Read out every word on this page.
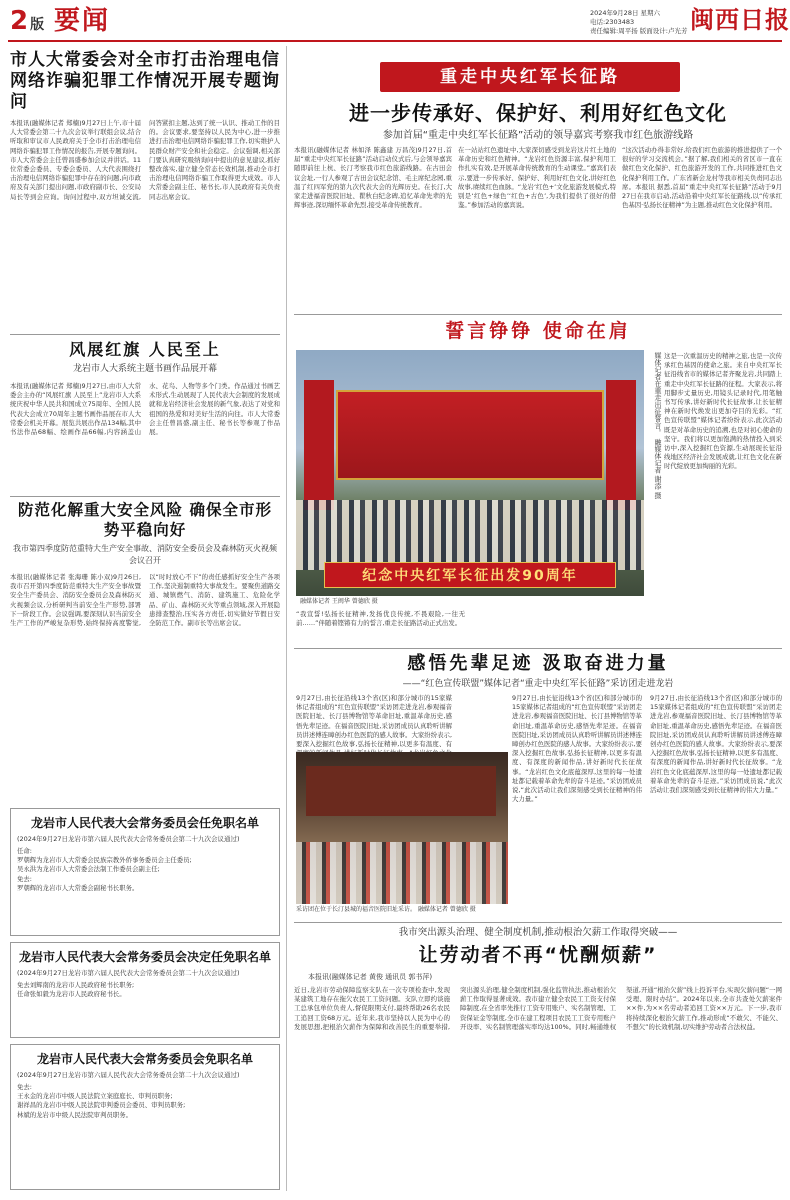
2 版 要闻	2024年9月28日 星期六
电话:2303483
责任编辑:周平扬 版面设计:卢光芳 闽西日报
市人大常委会对全市打击治理电信网络诈骗犯罪工作情况开展专题询问
本报讯(融媒体记者 郑楠)9月27日上午,市十届人大常委会第二十九次会议举行联组会议,结合听取和审议市人民政府关于全市打击治理电信网络诈骗犯罪工作情况的报告,开展专题询问。市人大常委会主任曾昌盛参加会议并讲话。11位常委会委员、专委会委员、人大代表围绕打击治理电信网络诈骗犯罪中存在的问题,向市政府及有关部门提出问题,市政府副市长、公安局局长等到会应询。询问过程中,双方坦诚交流,问答紧扣主题,达到了统一认识、推动工作的目的。会议要求,要坚持以人民为中心,进一步推进打击治理电信网络诈骗犯罪工作,切实维护人民群众财产安全和社会稳定。会议强调,相关部门要认真研究吸纳询问中提出的意见建议,抓好整改落实,建立健全常态长效机制,推动全市打击治理电信网络诈骗工作取得更大成效。市人大常委会副主任、秘书长,市人民政府有关负责同志出席会议。
风展红旗 人民至上
龙岩市人大系统主题书画作品展开幕
本报讯(融媒体记者 郑楠)9月27日,由市人大常委会主办的“风展红旗 人民至上”龙岩市人大系统庆祝中华人民共和国成立75周年、全国人民代表大会成立70周年主题书画作品展在市人大常委会机关开幕。展览共展出作品134幅,其中书法作品68幅、绘画作品66幅,内容涵盖山水、花鸟、人物等多个门类。作品通过书画艺术形式,生动展现了人民代表大会制度的发展成就和龙岩经济社会发展的新气象,表达了对党和祖国的热爱和对美好生活的向往。市人大常委会主任曾昌盛,副主任、秘书长等参观了作品展。
防范化解重大安全风险 确保全市形势平稳向好
我市第四季度防范重特大生产安全事故、消防安全委员会及森林防灭火视频会议召开
本报讯(融媒体记者 张海珊 陈小双)9月26日,我市召开第四季度防范重特大生产安全事故暨安全生产委员会、消防安全委员会及森林防灭火视频会议,分析研判当前安全生产形势,部署下一阶段工作。会议强调,要深刻认识当前安全生产工作的严峻复杂形势,始终保持高度警觉,以“时时放心不下”的责任感抓好安全生产各项工作,坚决遏制重特大事故发生。要聚焦道路交通、城镇燃气、消防、建筑施工、危险化学品、矿山、森林防灭火等重点领域,深入开展隐患排查整治,压实各方责任,切实做好节假日安全防范工作。副市长等出席会议。
龙岩市人民代表大会常务委员会任免职名单
(2024年9月27日龙岩市第六届人民代表大会常务委员会第二十九次会议通过)
任命:
罗朝辉为龙岩市人大常委会民族宗教外侨事务委员会主任委员;
吴永洪为龙岩市人大常委会法制工作委员会副主任;
免去:
罗朝辉的龙岩市人大常委会副秘书长职务。
龙岩市人民代表大会常务委员会决定任免职名单
(2024年9月27日龙岩市第六届人民代表大会常务委员会第二十九次会议通过)
免去刘辉南的龙岩市人民政府秘书长职务;
任命张如毅为龙岩市人民政府秘书长。
龙岩市人民代表大会常务委员会免职名单
(2024年9月27日龙岩市第六届人民代表大会常务委员会第二十九次会议通过)
免去:
王永金的龙岩市中级人民法院立案庭庭长、审判员职务;
谢祥昌的龙岩市中级人民法院审判委员会委员、审判员职务;
林斌的龙岩市中级人民法院审判员职务。
重走中央红军长征路
进一步传承好、保护好、利用好红色文化
参加首届“重走中央红军长征路”活动的领导嘉宾考察我市红色旅游线路
本报讯(融媒体记者 林如泽 陈鑫建 万昌茂)9月27日,首届“重走中央红军长征路”活动启动仪式后,与会领导嘉宾随即前往上杭、长汀考察我市红色旅游线路。在古田会议会址,一行人参观了古田会议纪念馆、毛主席纪念园,重温了红四军党的第九次代表大会的光辉历史。在长汀,大家走进福音医院旧址、瞿秋白纪念碑,追忆革命先辈的光辉事迹,深切缅怀革命先烈,接受革命传统教育。
在一站站红色遗址中,大家深切感受到龙岩这片红土地的革命历史和红色精神。“龙岩红色资源丰富,保护利用工作扎实有效,是开展革命传统教育的生动课堂。”嘉宾们表示,要进一步传承好、保护好、利用好红色文化,讲好红色故事,赓续红色血脉。“龙岩‘红色+’文化旅游发展模式,特别是‘红色+绿色’‘红色+古色’,为我们提供了很好的借鉴。”参加活动的嘉宾说。
“这次活动办得非常好,给我们红色旅游的推进提供了一个很好的学习交流机会。”据了解,我们相关的省区市一直在做红色文化保护、红色旅游开发的工作,共同推进红色文化保护利用工作。广东省新会龙村等我市相关负责同志出席。本报讯 据悉,首届“重走中央红军长征路”活动于9月27日在我市启动,活动沿着中央红军长征路线,以“传承红色基因·弘扬长征精神”为主题,推动红色文化保护利用。
誓言铮铮 使命在肩
纪念中央红军长征出发90周年
融媒体记者 王闽华 曾德欣 摄
媒体记者在重走出征誓言。 融媒体记者 谢添 摄
“我宣誓!弘扬长征精神,发扬优良传统,不畏艰险,一往无前……”伴随着铿锵有力的誓言,重走长征路活动正式出发。
这是一次重温历史的精神之旅,也是一次传承红色基因的使命之旅。来自中央红军长征沿线省市的媒体记者齐聚龙岩,共同踏上重走中央红军长征路的征程。大家表示,将用脚步丈量历史,用镜头记录时代,用笔触书写传承,讲好新时代长征故事,让长征精神在新时代焕发出更加夺目的光彩。“红色宣传联盟”媒体记者纷纷表示,此次活动既是对革命历史的追溯,也是对初心使命的坚守。我们将以更加饱满的热情投入到采访中,深入挖掘红色资源,生动展现长征沿线地区经济社会发展成就,让红色文化在新时代绽放更加绚丽的光彩。
感悟先辈足迹 汲取奋进力量
——“红色宣传联盟”媒体记者“重走中央红军长征路”采访团走进龙岩
9月27日,由长征沿线13个省(区)和部分城市的15家媒体记者组成的“红色宣传联盟”采访团走进龙岩,参观福音医院旧址、长汀县博物馆等革命旧址,重温革命历史,感悟先辈足迹。在福音医院旧址,采访团成员认真聆听讲解员讲述傅连暲创办红色医院的感人故事。大家纷纷表示,要深入挖掘红色故事,弘扬长征精神,以更多有温度、有
采访团在位于长汀县城的福音医院旧址采访。 融媒体记者 曾德欣 摄
9月27日,由长征沿线13个省(区)和部分城市的15家媒体记者组成的“红色宣传联盟”采访团走进龙岩,参观福音医院旧址、长汀县博物馆等革命旧址,重温革命历史,感悟先辈足迹。在福音医院旧址,采访团成员认真聆听讲解员讲述傅连暲创办红色医院的感人故事。大家纷纷表示,要深入挖掘红色故事,弘扬长征精神,以更多有温度、有深度的新闻作品,讲好新时代长征故事。“龙岩红色文化底蕴深厚,这里的每一处遗址都记载着革命先辈的奋斗足迹。”采访团成员说,“此次活动让我们深刻感受到长征精神的伟大力量。”
9月27日,由长征沿线13个省(区)和部分城市的15家媒体记者组成的“红色宣传联盟”采访团走进龙岩,参观福音医院旧址、长汀县博物馆等革命旧址,重温革命历史,感悟先辈足迹。在福音医院旧址,采访团成员认真聆听讲解员讲述傅连暲创办红色医院的感人故事。大家纷纷表示,要深入挖掘红色故事,弘扬长征精神,以更多有温度、有深度的新闻作品,讲好新时代长征故事。“龙岩红色文化底蕴深厚,这里的每一处遗址都记载着革命先辈的奋斗足迹。”采访团成员说,“此次活动让我们深刻感受到长征精神的伟大力量。”
我市突出源头治理、健全制度机制,推动根治欠薪工作取得突破——
让劳动者不再“忧酬烦薪”
本报讯(融媒体记者 黄俊 通讯员 郭书萍)
近日,龙岩市劳动保障监察支队在一次专项检查中,发现某建筑工地存在拖欠农民工工资问题。支队立即约谈施工总承包单位负责人,督促限期支付,最终帮助26名农民工追回工资68万元。近年来,我市坚持以人民为中心的发展思想,把根治欠薪作为保障和改善民生的重要举措,突出源头治理,健全制度机制,强化监管执法,推动根治欠薪工作取得显著成效。我市建立健全农民工工资支付保障制度,在全省率先推行工资专用账户、实名制管理、工资保证金等制度,全市在建工程项目农民工工资专用账户开设率、实名制管理落实率均达100%。同时,畅通维权渠道,开通“根治欠薪”线上投诉平台,实现欠薪问题“一网受理、限时办结”。2024年以来,全市共查处欠薪案件××件,为××名劳动者追回工资××万元。下一步,我市将持续深化根治欠薪工作,推动形成“不敢欠、不能欠、不想欠”的长效机制,切实维护劳动者合法权益。
